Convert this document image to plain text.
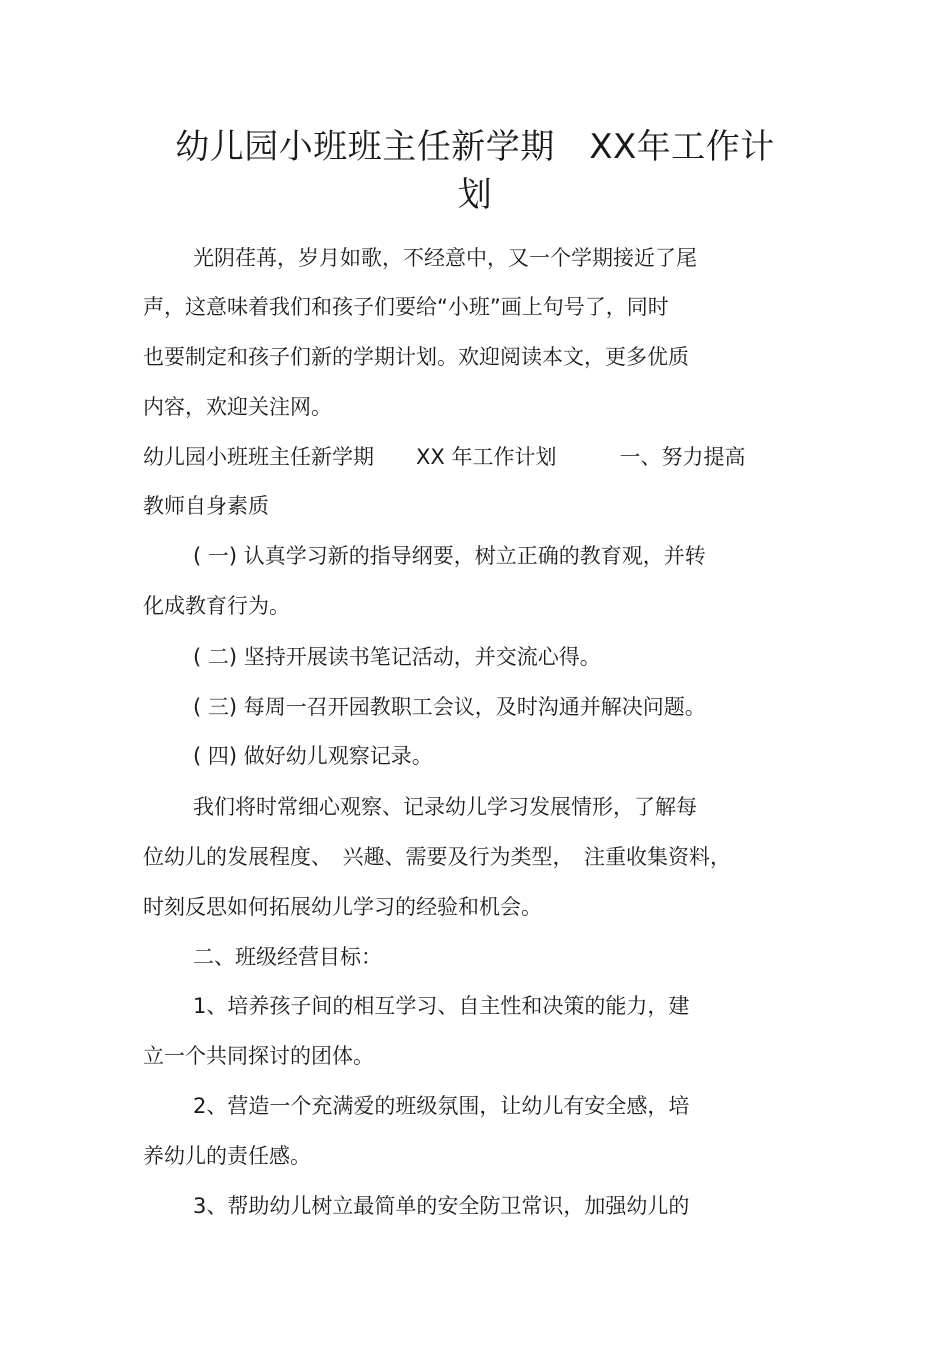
幼儿园小班班主任新学期　XX年工作计
划
光阴荏苒，岁月如歌，不经意中，又一个学期接近了尾
声，这意味着我们和孩子们要给“小班”画上句号了，同时
也要制定和孩子们新的学期计划。欢迎阅读本文，更多优质
内容，欢迎关注网。
幼儿园小班班主任新学期　　XX 年工作计划　　　一、努力提高
教师自身素质
( 一) 认真学习新的指导纲要，树立正确的教育观，并转
化成教育行为。
( 二) 坚持开展读书笔记活动，并交流心得。
( 三) 每周一召开园教职工会议，及时沟通并解决问题。
( 四) 做好幼儿观察记录。
我们将时常细心观察、记录幼儿学习发展情形，了解每
位幼儿的发展程度、　兴趣、需要及行为类型，　注重收集资料，
时刻反思如何拓展幼儿学习的经验和机会。
二、班级经营目标：
1、培养孩子间的相互学习、自主性和决策的能力，建
立一个共同探讨的团体。
2、营造一个充满爱的班级氛围，让幼儿有安全感，培
养幼儿的责任感。
3、帮助幼儿树立最简单的安全防卫常识，加强幼儿的
